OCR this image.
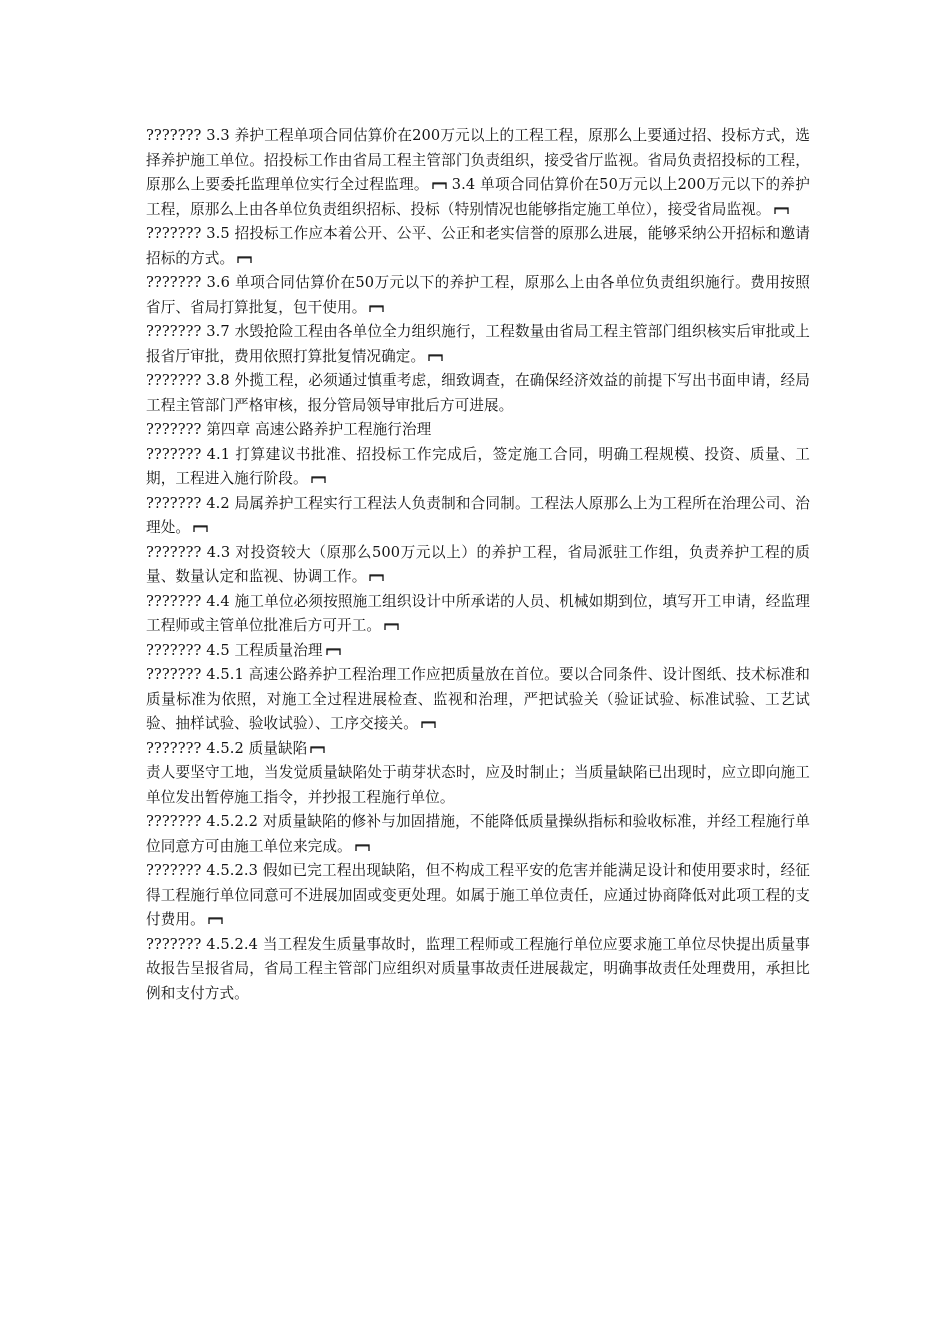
??????? 3.3 养护工程单项合同估算价在200万元以上的工程工程，原那么上要通过招、投标方式，选择养护施工单位。招投标工作由省局工程主管部门负责组织，接受省厅监视。省局负责招投标的工程，原那么上要委托监理单位实行全过程监理。
3.4 单项合同估算价在50万元以上200万元以下的养护工程，原那么上由各单位负责组织招标、投标（特别情况也能够指定施工单位），接受省局监视。

??????? 3.5 招投标工作应本着公开、公平、公正和老实信誉的原那么进展，能够采纳公开招标和邀请招标的方式。

??????? 3.6 单项合同估算价在50万元以下的养护工程，原那么上由各单位负责组织施行。费用按照省厅、省局打算批复，包干使用。

??????? 3.7 水毁抢险工程由各单位全力组织施行，工程数量由省局工程主管部门组织核实后审批或上报省厅审批，费用依照打算批复情况确定。

??????? 3.8 外揽工程，必须通过慎重考虑，细致调查，在确保经济效益的前提下写出书面申请，经局工程主管部门严格审核，报分管局领导审批后方可进展。

??????? 第四章 高速公路养护工程施行治理

??????? 4.1 打算建议书批准、招投标工作完成后，签定施工合同，明确工程规模、投资、质量、工期，工程进入施行阶段。

??????? 4.2 局属养护工程实行工程法人负责制和合同制。工程法人原那么上为工程所在治理公司、治理处。

??????? 4.3 对投资较大（原那么500万元以上）的养护工程，省局派驻工作组，负责养护工程的质量、数量认定和监视、协调工作。

??????? 4.4 施工单位必须按照施工组织设计中所承诺的人员、机械如期到位，填写开工申请，经监理工程师或主管单位批准后方可开工。

??????? 4.5 工程质量治理

??????? 4.5.1 高速公路养护工程治理工作应把质量放在首位。要以合同条件、设计图纸、技术标准和质量标准为依照，对施工全过程进展检查、监视和治理，严把试验关（验证试验、标准试验、工艺试验、抽样试验、验收试验）、工序交接关。

??????? 4.5.2 质量缺陷

责人要坚守工地，当发觉质量缺陷处于萌芽状态时，应及时制止；当质量缺陷已出现时，应立即向施工单位发出暂停施工指令，并抄报工程施行单位。

??????? 4.5.2.2 对质量缺陷的修补与加固措施，不能降低质量操纵指标和验收标准，并经工程施行单位同意方可由施工单位来完成。

??????? 4.5.2.3 假如已完工程出现缺陷，但不构成工程平安的危害并能满足设计和使用要求时，经征得工程施行单位同意可不进展加固或变更处理。如属于施工单位责任，应通过协商降低对此项工程的支付费用。

??????? 4.5.2.4 当工程发生质量事故时，监理工程师或工程施行单位应要求施工单位尽快提出质量事故报告呈报省局，省局工程主管部门应组织对质量事故责任进展裁定，明确事故责任处理费用，承担比例和支付方式。
